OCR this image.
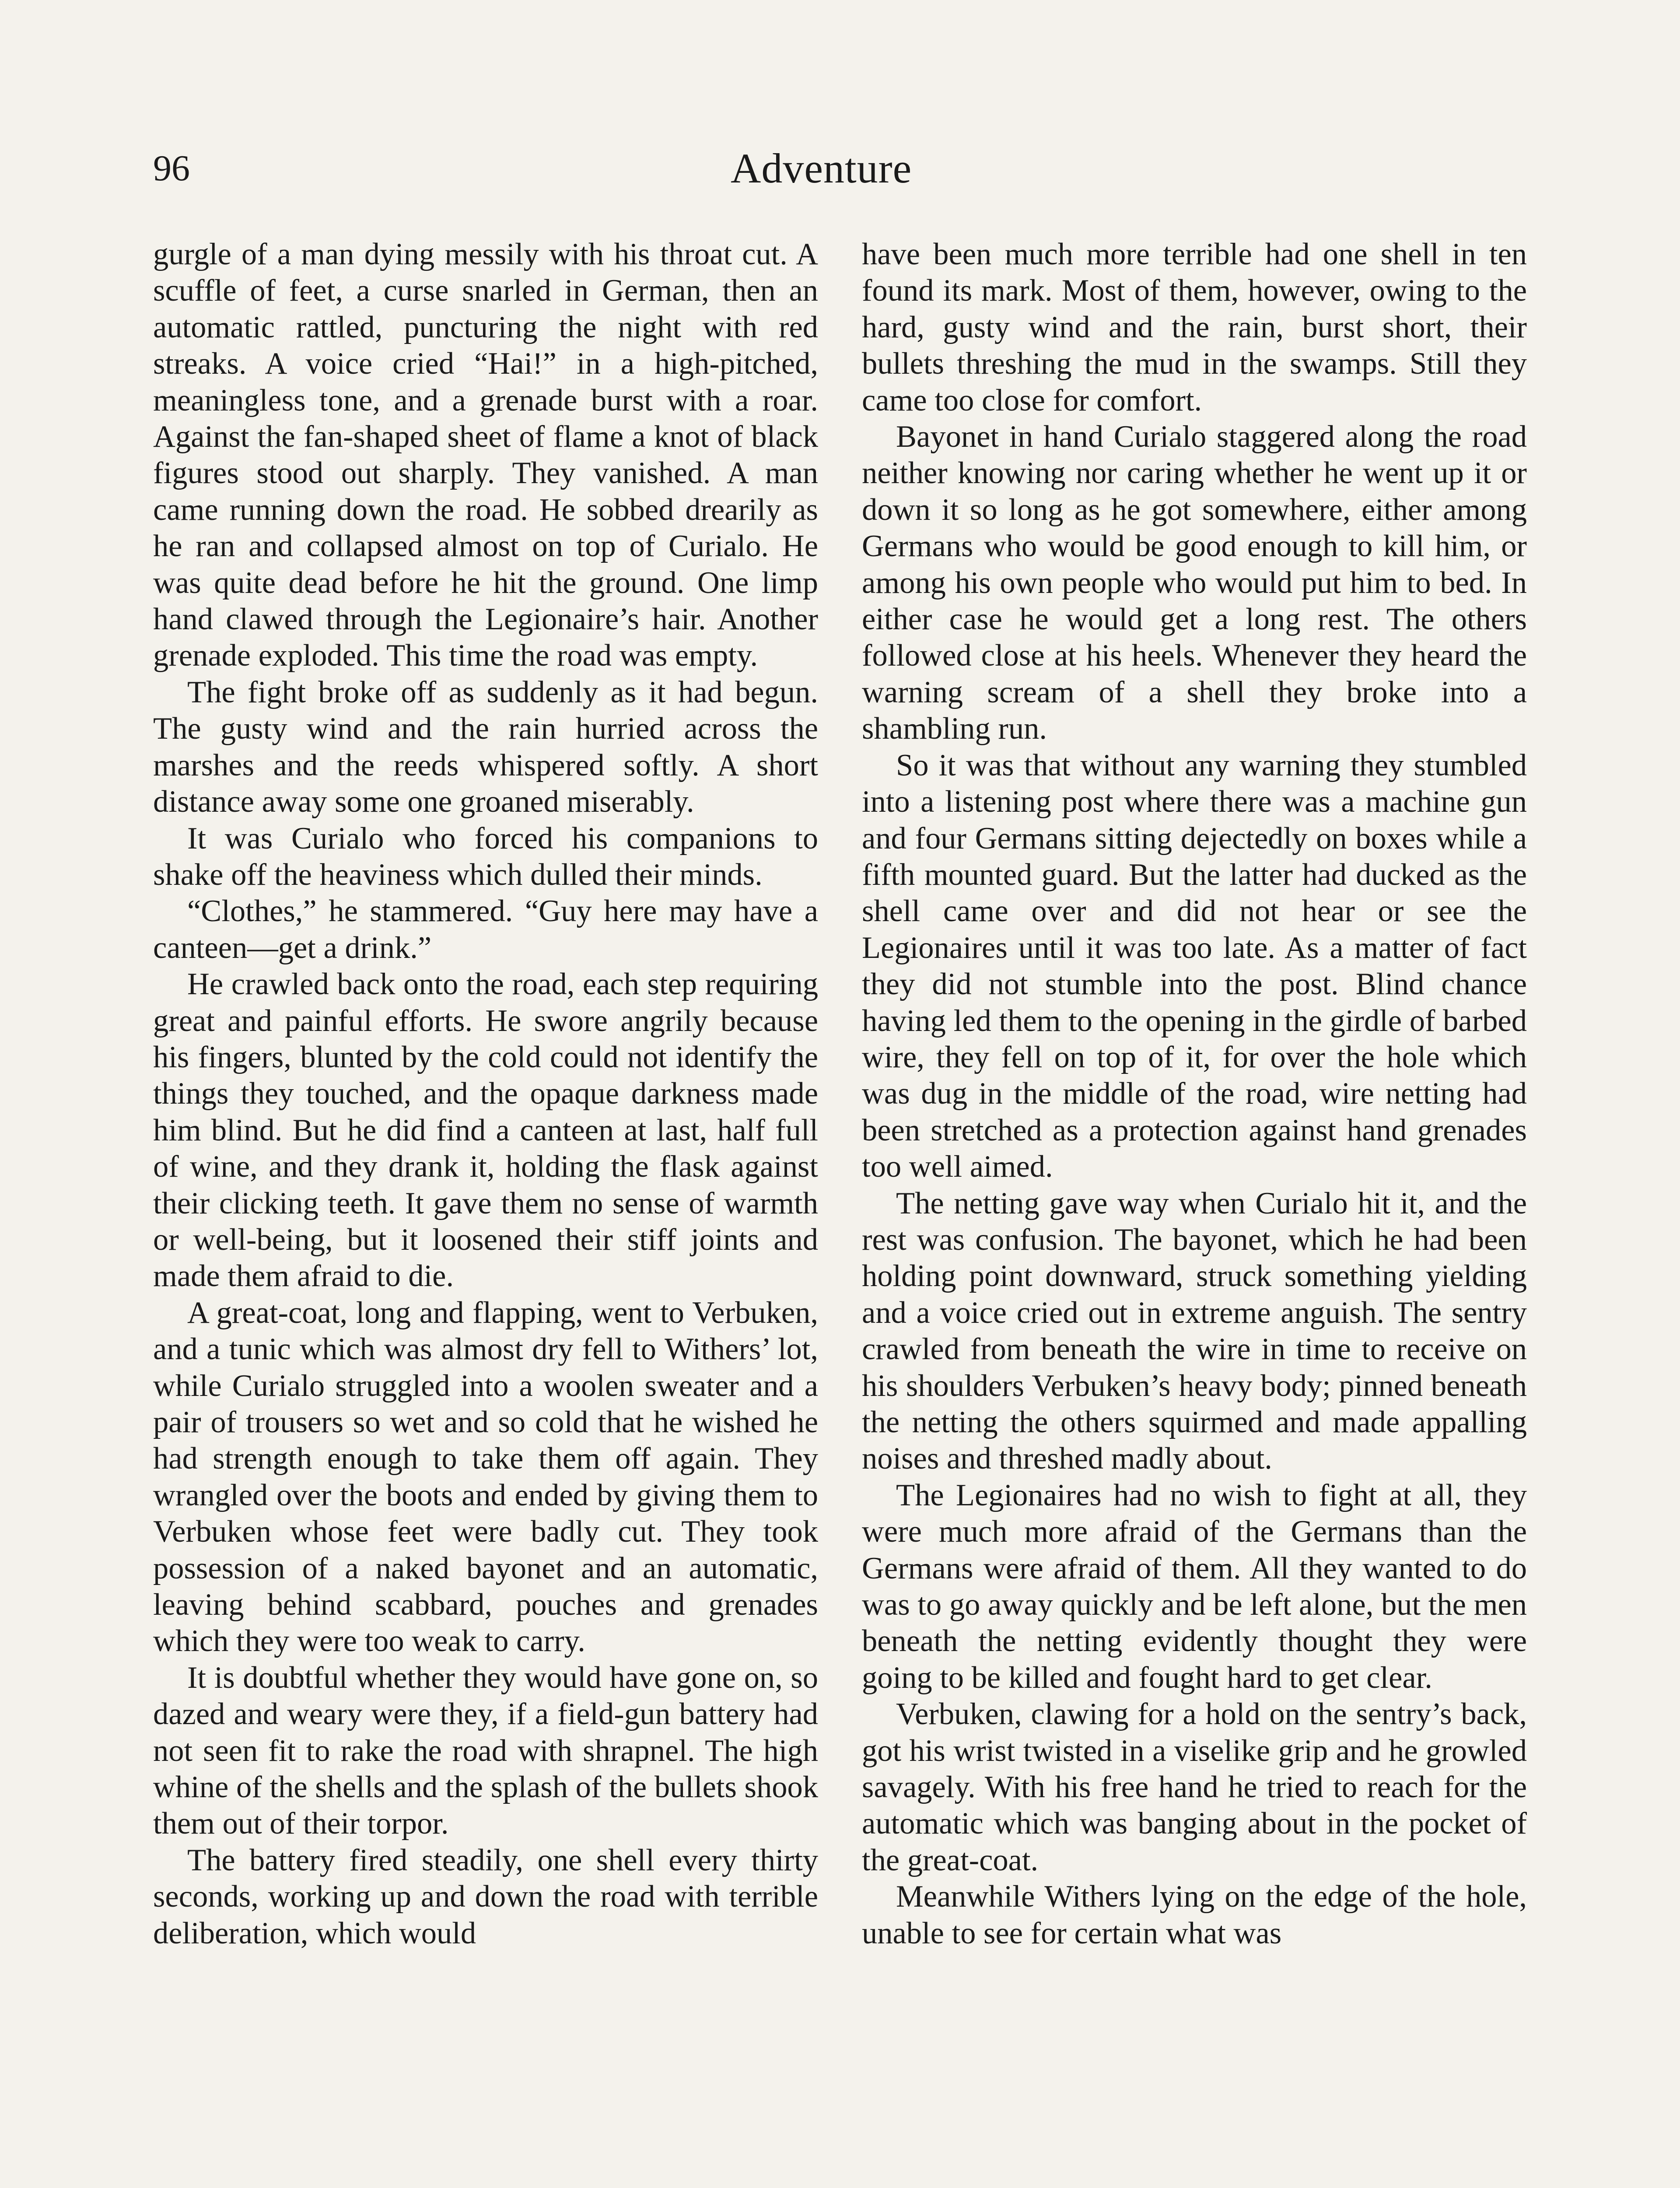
96	Adventure

gurgle of a man dying messily with his throat cut. A scuffle of feet, a curse snarled in German, then an automatic rattled, puncturing the night with red streaks. A voice cried “Hai!” in a high-pitched, meaningless tone, and a grenade burst with a roar. Against the fan-shaped sheet of flame a knot of black figures stood out sharply. They vanished. A man came running down the road. He sobbed drearily as he ran and collapsed almost on top of Curialo. He was quite dead before he hit the ground. One limp hand clawed through the Legionaire’s hair. Another grenade exploded. This time the road was empty.

The fight broke off as suddenly as it had begun. The gusty wind and the rain hurried across the marshes and the reeds whispered softly. A short distance away some one groaned miserably.

It was Curialo who forced his companions to shake off the heaviness which dulled their minds.

“Clothes,” he stammered. “Guy here may have a canteen—get a drink.”

He crawled back onto the road, each step requiring great and painful efforts. He swore angrily because his fingers, blunted by the cold could not identify the things they touched, and the opaque darkness made him blind. But he did find a canteen at last, half full of wine, and they drank it, holding the flask against their clicking teeth. It gave them no sense of warmth or well-being, but it loosened their stiff joints and made them afraid to die.

A great-coat, long and flapping, went to Verbuken, and a tunic which was almost dry fell to Withers’ lot, while Curialo struggled into a woolen sweater and a pair of trousers so wet and so cold that he wished he had strength enough to take them off again. They wrangled over the boots and ended by giving them to Verbuken whose feet were badly cut. They took possession of a naked bayonet and an automatic, leaving behind scabbard, pouches and grenades which they were too weak to carry.

It is doubtful whether they would have gone on, so dazed and weary were they, if a field-gun battery had not seen fit to rake the road with shrapnel. The high whine of the shells and the splash of the bullets shook them out of their torpor.

The battery fired steadily, one shell every thirty seconds, working up and down the road with terrible deliberation, which would

have been much more terrible had one shell in ten found its mark. Most of them, however, owing to the hard, gusty wind and the rain, burst short, their bullets threshing the mud in the swamps. Still they came too close for comfort.

Bayonet in hand Curialo staggered along the road neither knowing nor caring whether he went up it or down it so long as he got somewhere, either among Germans who would be good enough to kill him, or among his own people who would put him to bed. In either case he would get a long rest. The others followed close at his heels. Whenever they heard the warning scream of a shell they broke into a shambling run.

So it was that without any warning they stumbled into a listening post where there was a machine gun and four Germans sitting dejectedly on boxes while a fifth mounted guard. But the latter had ducked as the shell came over and did not hear or see the Legionaires until it was too late. As a matter of fact they did not stumble into the post. Blind chance having led them to the opening in the girdle of barbed wire, they fell on top of it, for over the hole which was dug in the middle of the road, wire netting had been stretched as a protection against hand grenades too well aimed.

The netting gave way when Curialo hit it, and the rest was confusion. The bayonet, which he had been holding point downward, struck something yielding and a voice cried out in extreme anguish. The sentry crawled from beneath the wire in time to receive on his shoulders Verbuken’s heavy body; pinned beneath the netting the others squirmed and made appalling noises and threshed madly about.

The Legionaires had no wish to fight at all, they were much more afraid of the Germans than the Germans were afraid of them. All they wanted to do was to go away quickly and be left alone, but the men beneath the netting evidently thought they were going to be killed and fought hard to get clear.

Verbuken, clawing for a hold on the sentry’s back, got his wrist twisted in a viselike grip and he growled savagely. With his free hand he tried to reach for the automatic which was banging about in the pocket of the great-coat.

Meanwhile Withers lying on the edge of the hole, unable to see for certain what was
